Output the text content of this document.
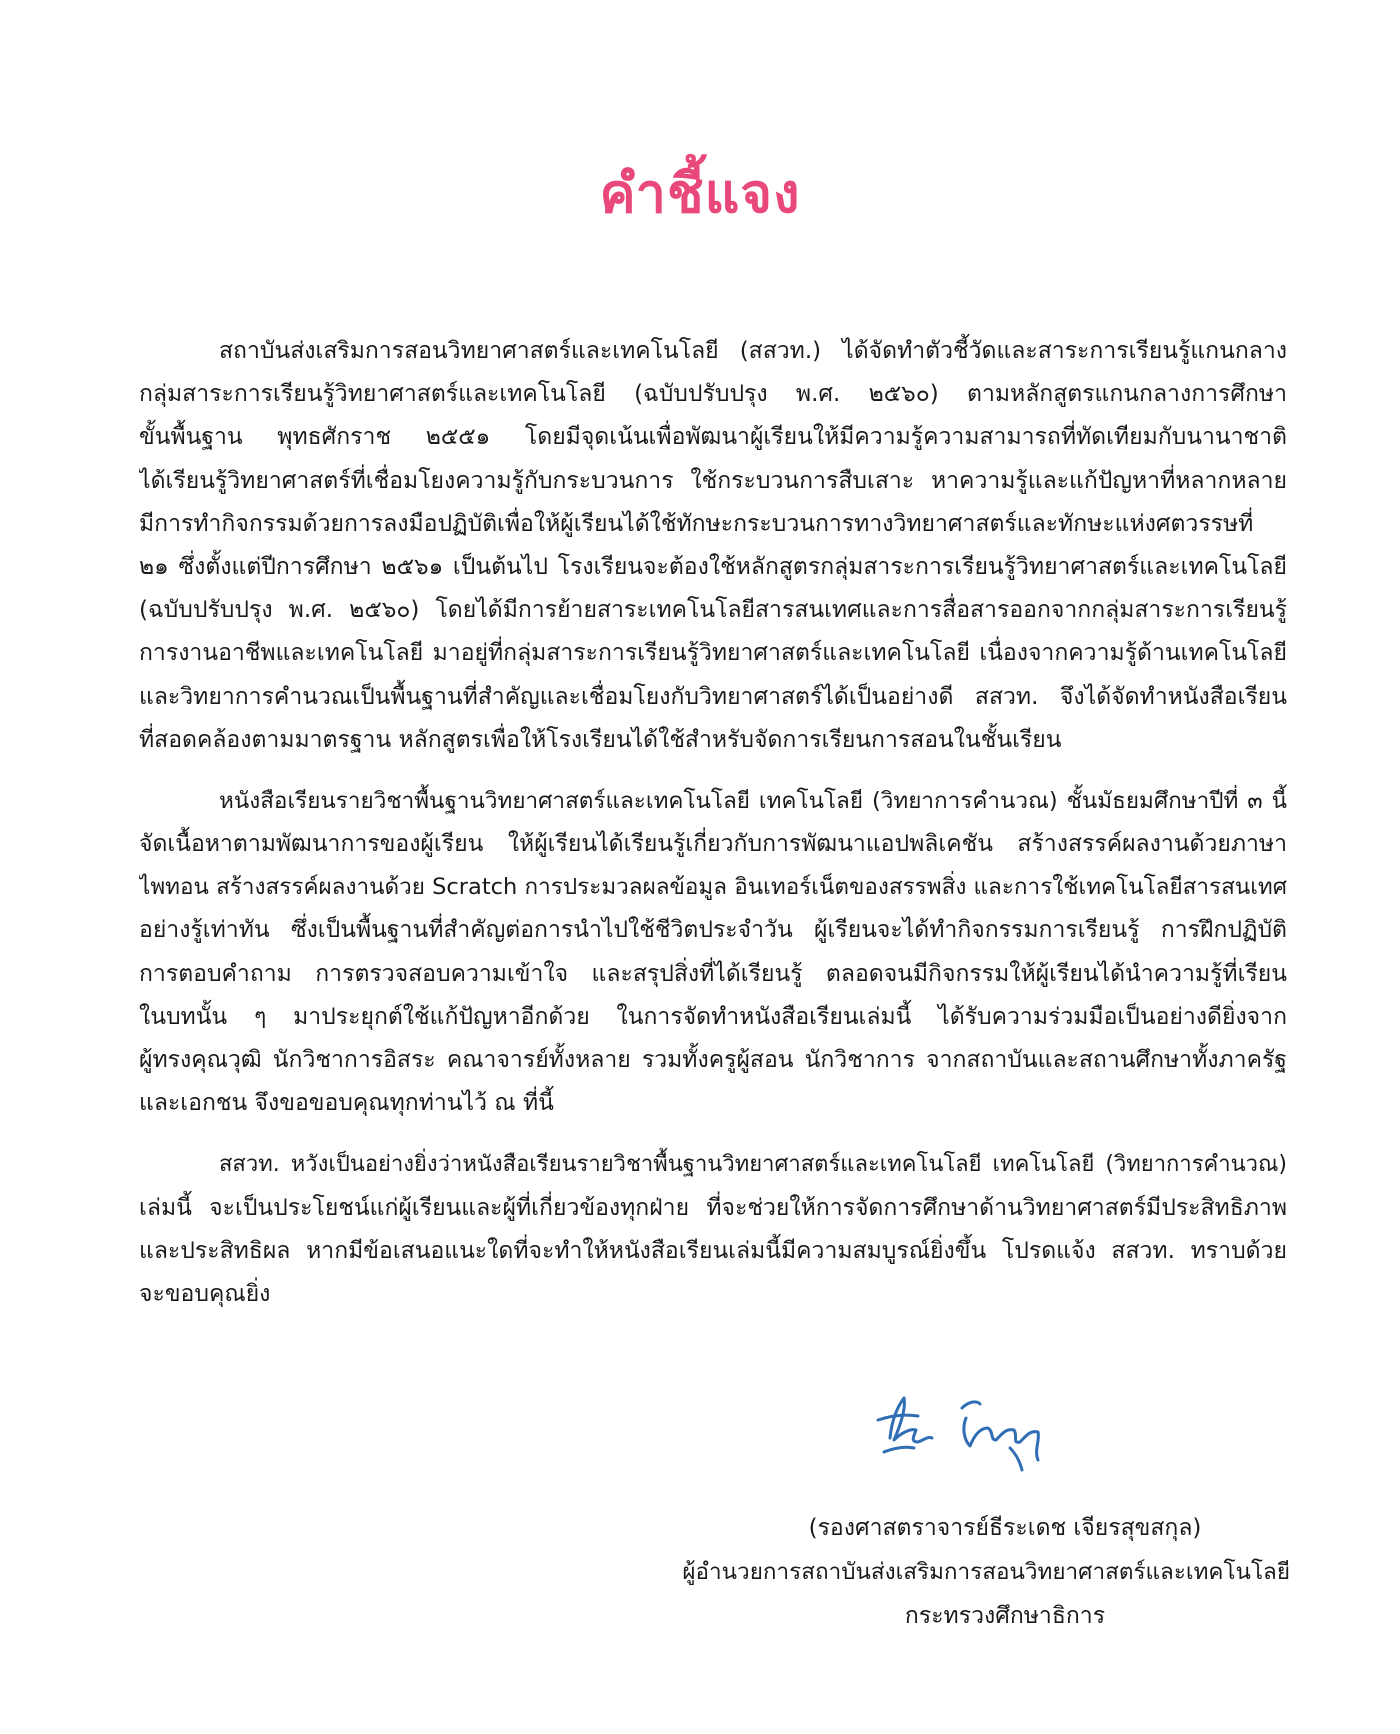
คำชี้แจง
สถาบันส่งเสริมการสอนวิทยาศาสตร์และเทคโนโลยี (สสวท.) ได้จัดทำตัวชี้วัดและสาระการเรียนรู้แกนกลาง
กลุ่มสาระการเรียนรู้วิทยาศาสตร์และเทคโนโลยี (ฉบับปรับปรุง พ.ศ. ๒๕๖๐) ตามหลักสูตรแกนกลางการศึกษา
ขั้นพื้นฐาน พุทธศักราช ๒๕๕๑ โดยมีจุดเน้นเพื่อพัฒนาผู้เรียนให้มีความรู้ความสามารถที่ทัดเทียมกับนานาชาติ
ได้เรียนรู้วิทยาศาสตร์ที่เชื่อมโยงความรู้กับกระบวนการ ใช้กระบวนการสืบเสาะ หาความรู้และแก้ปัญหาที่หลากหลาย
มีการทำกิจกรรมด้วยการลงมือปฏิบัติเพื่อให้ผู้เรียนได้ใช้ทักษะกระบวนการทางวิทยาศาสตร์และทักษะแห่งศตวรรษที่
๒๑ ซึ่งตั้งแต่ปีการศึกษา ๒๕๖๑ เป็นต้นไป โรงเรียนจะต้องใช้หลักสูตรกลุ่มสาระการเรียนรู้วิทยาศาสตร์และเทคโนโลยี
(ฉบับปรับปรุง พ.ศ. ๒๕๖๐) โดยได้มีการย้ายสาระเทคโนโลยีสารสนเทศและการสื่อสารออกจากกลุ่มสาระการเรียนรู้
การงานอาชีพและเทคโนโลยี มาอยู่ที่กลุ่มสาระการเรียนรู้วิทยาศาสตร์และเทคโนโลยี เนื่องจากความรู้ด้านเทคโนโลยี
และวิทยาการคำนวณเป็นพื้นฐานที่สำคัญและเชื่อมโยงกับวิทยาศาสตร์ได้เป็นอย่างดี สสวท. จึงได้จัดทำหนังสือเรียน
ที่สอดคล้องตามมาตรฐาน หลักสูตรเพื่อให้โรงเรียนได้ใช้สำหรับจัดการเรียนการสอนในชั้นเรียน
หนังสือเรียนรายวิชาพื้นฐานวิทยาศาสตร์และเทคโนโลยี เทคโนโลยี (วิทยาการคำนวณ) ชั้นมัธยมศึกษาปีที่ ๓ นี้
จัดเนื้อหาตามพัฒนาการของผู้เรียน ให้ผู้เรียนได้เรียนรู้เกี่ยวกับการพัฒนาแอปพลิเคชัน สร้างสรรค์ผลงานด้วยภาษา
ไพทอน สร้างสรรค์ผลงานด้วย Scratch การประมวลผลข้อมูล อินเทอร์เน็ตของสรรพสิ่ง และการใช้เทคโนโลยีสารสนเทศ
อย่างรู้เท่าทัน ซึ่งเป็นพื้นฐานที่สำคัญต่อการนำไปใช้ชีวิตประจำวัน ผู้เรียนจะได้ทำกิจกรรมการเรียนรู้ การฝึกปฏิบัติ
การตอบคำถาม การตรวจสอบความเข้าใจ และสรุปสิ่งที่ได้เรียนรู้ ตลอดจนมีกิจกรรมให้ผู้เรียนได้นำความรู้ที่เรียน
ในบทนั้น ๆ มาประยุกต์ใช้แก้ปัญหาอีกด้วย ในการจัดทำหนังสือเรียนเล่มนี้ ได้รับความร่วมมือเป็นอย่างดียิ่งจาก
ผู้ทรงคุณวุฒิ นักวิชาการอิสระ คณาจารย์ทั้งหลาย รวมทั้งครูผู้สอน นักวิชาการ จากสถาบันและสถานศึกษาทั้งภาครัฐ
และเอกชน จึงขอขอบคุณทุกท่านไว้ ณ ที่นี้
สสวท. หวังเป็นอย่างยิ่งว่าหนังสือเรียนรายวิชาพื้นฐานวิทยาศาสตร์และเทคโนโลยี เทคโนโลยี (วิทยาการคำนวณ)
เล่มนี้ จะเป็นประโยชน์แก่ผู้เรียนและผู้ที่เกี่ยวข้องทุกฝ่าย ที่จะช่วยให้การจัดการศึกษาด้านวิทยาศาสตร์มีประสิทธิภาพ
และประสิทธิผล หากมีข้อเสนอแนะใดที่จะทำให้หนังสือเรียนเล่มนี้มีความสมบูรณ์ยิ่งขึ้น โปรดแจ้ง สสวท. ทราบด้วย
จะขอบคุณยิ่ง
(รองศาสตราจารย์ธีระเดช เจียรสุขสกุล)
ผู้อำนวยการสถาบันส่งเสริมการสอนวิทยาศาสตร์และเทคโนโลยี
กระทรวงศึกษาธิการ
